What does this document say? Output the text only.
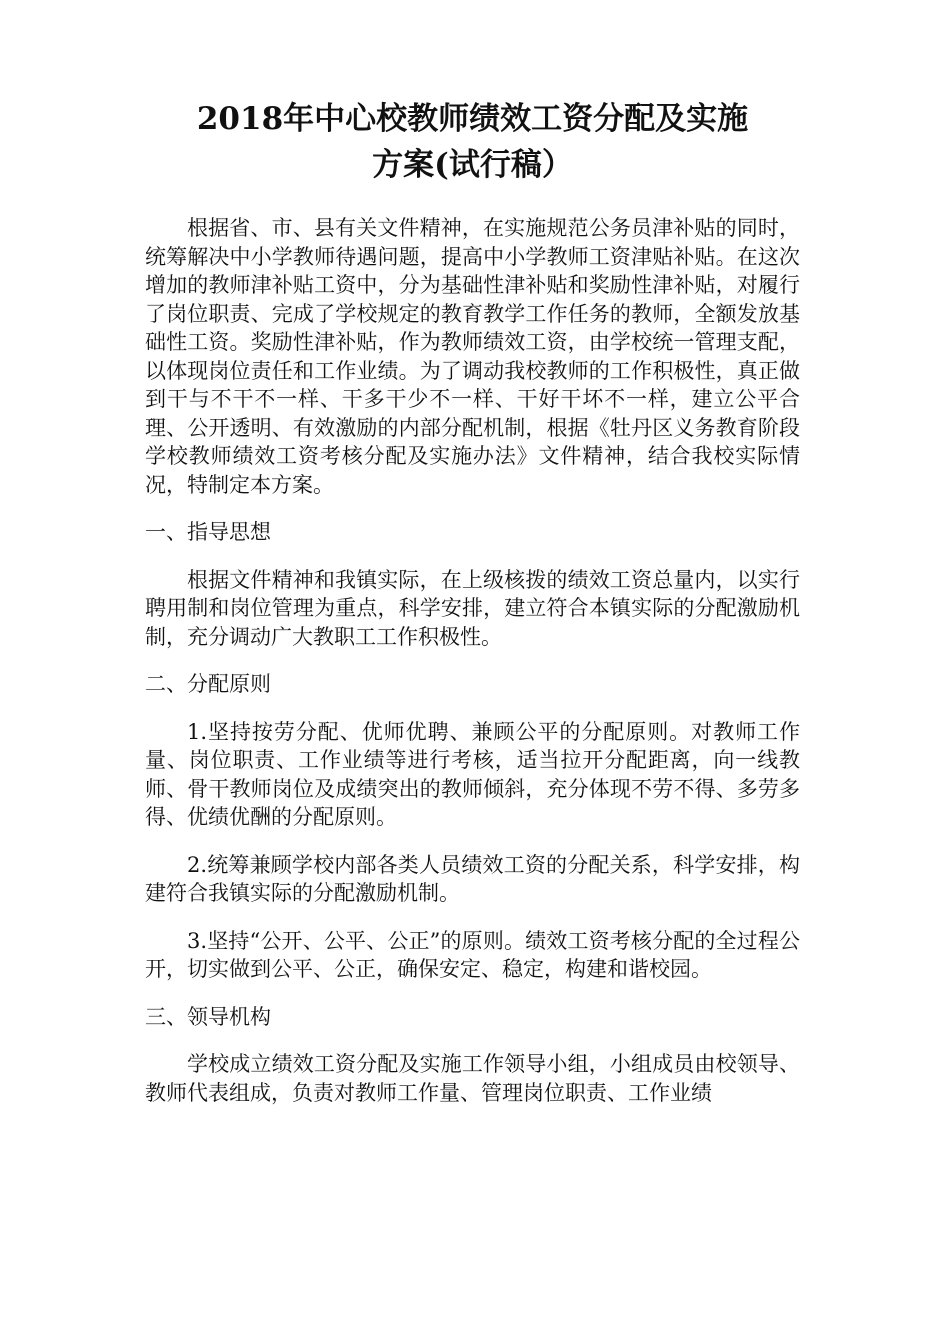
2018年中心校教师绩效工资分配及实施
方案(试行稿）

根据省、市、县有关文件精神，在实施规范公务员津补贴的同时，统筹解决中小学教师待遇问题，提高中小学教师工资津贴补贴。在这次增加的教师津补贴工资中，分为基础性津补贴和奖励性津补贴，对履行了岗位职责、完成了学校规定的教育教学工作任务的教师，全额发放基础性工资。奖励性津补贴，作为教师绩效工资，由学校统一管理支配，以体现岗位责任和工作业绩。为了调动我校教师的工作积极性，真正做到干与不干不一样、干多干少不一样、干好干坏不一样，建立公平合理、公开透明、有效激励的内部分配机制，根据《牡丹区义务教育阶段学校教师绩效工资考核分配及实施办法》文件精神，结合我校实际情况，特制定本方案。

一、指导思想

根据文件精神和我镇实际，在上级核拨的绩效工资总量内，以实行聘用制和岗位管理为重点，科学安排，建立符合本镇实际的分配激励机制，充分调动广大教职工工作积极性。

二、分配原则

1.坚持按劳分配、优师优聘、兼顾公平的分配原则。对教师工作量、岗位职责、工作业绩等进行考核，适当拉开分配距离，向一线教师、骨干教师岗位及成绩突出的教师倾斜，充分体现不劳不得、多劳多得、优绩优酬的分配原则。

2.统筹兼顾学校内部各类人员绩效工资的分配关系，科学安排，构建符合我镇实际的分配激励机制。

3.坚持“公开、公平、公正”的原则。绩效工资考核分配的全过程公开，切实做到公平、公正，确保安定、稳定，构建和谐校园。

三、领导机构

学校成立绩效工资分配及实施工作领导小组，小组成员由校领导、教师代表组成，负责对教师工作量、管理岗位职责、工作业绩
